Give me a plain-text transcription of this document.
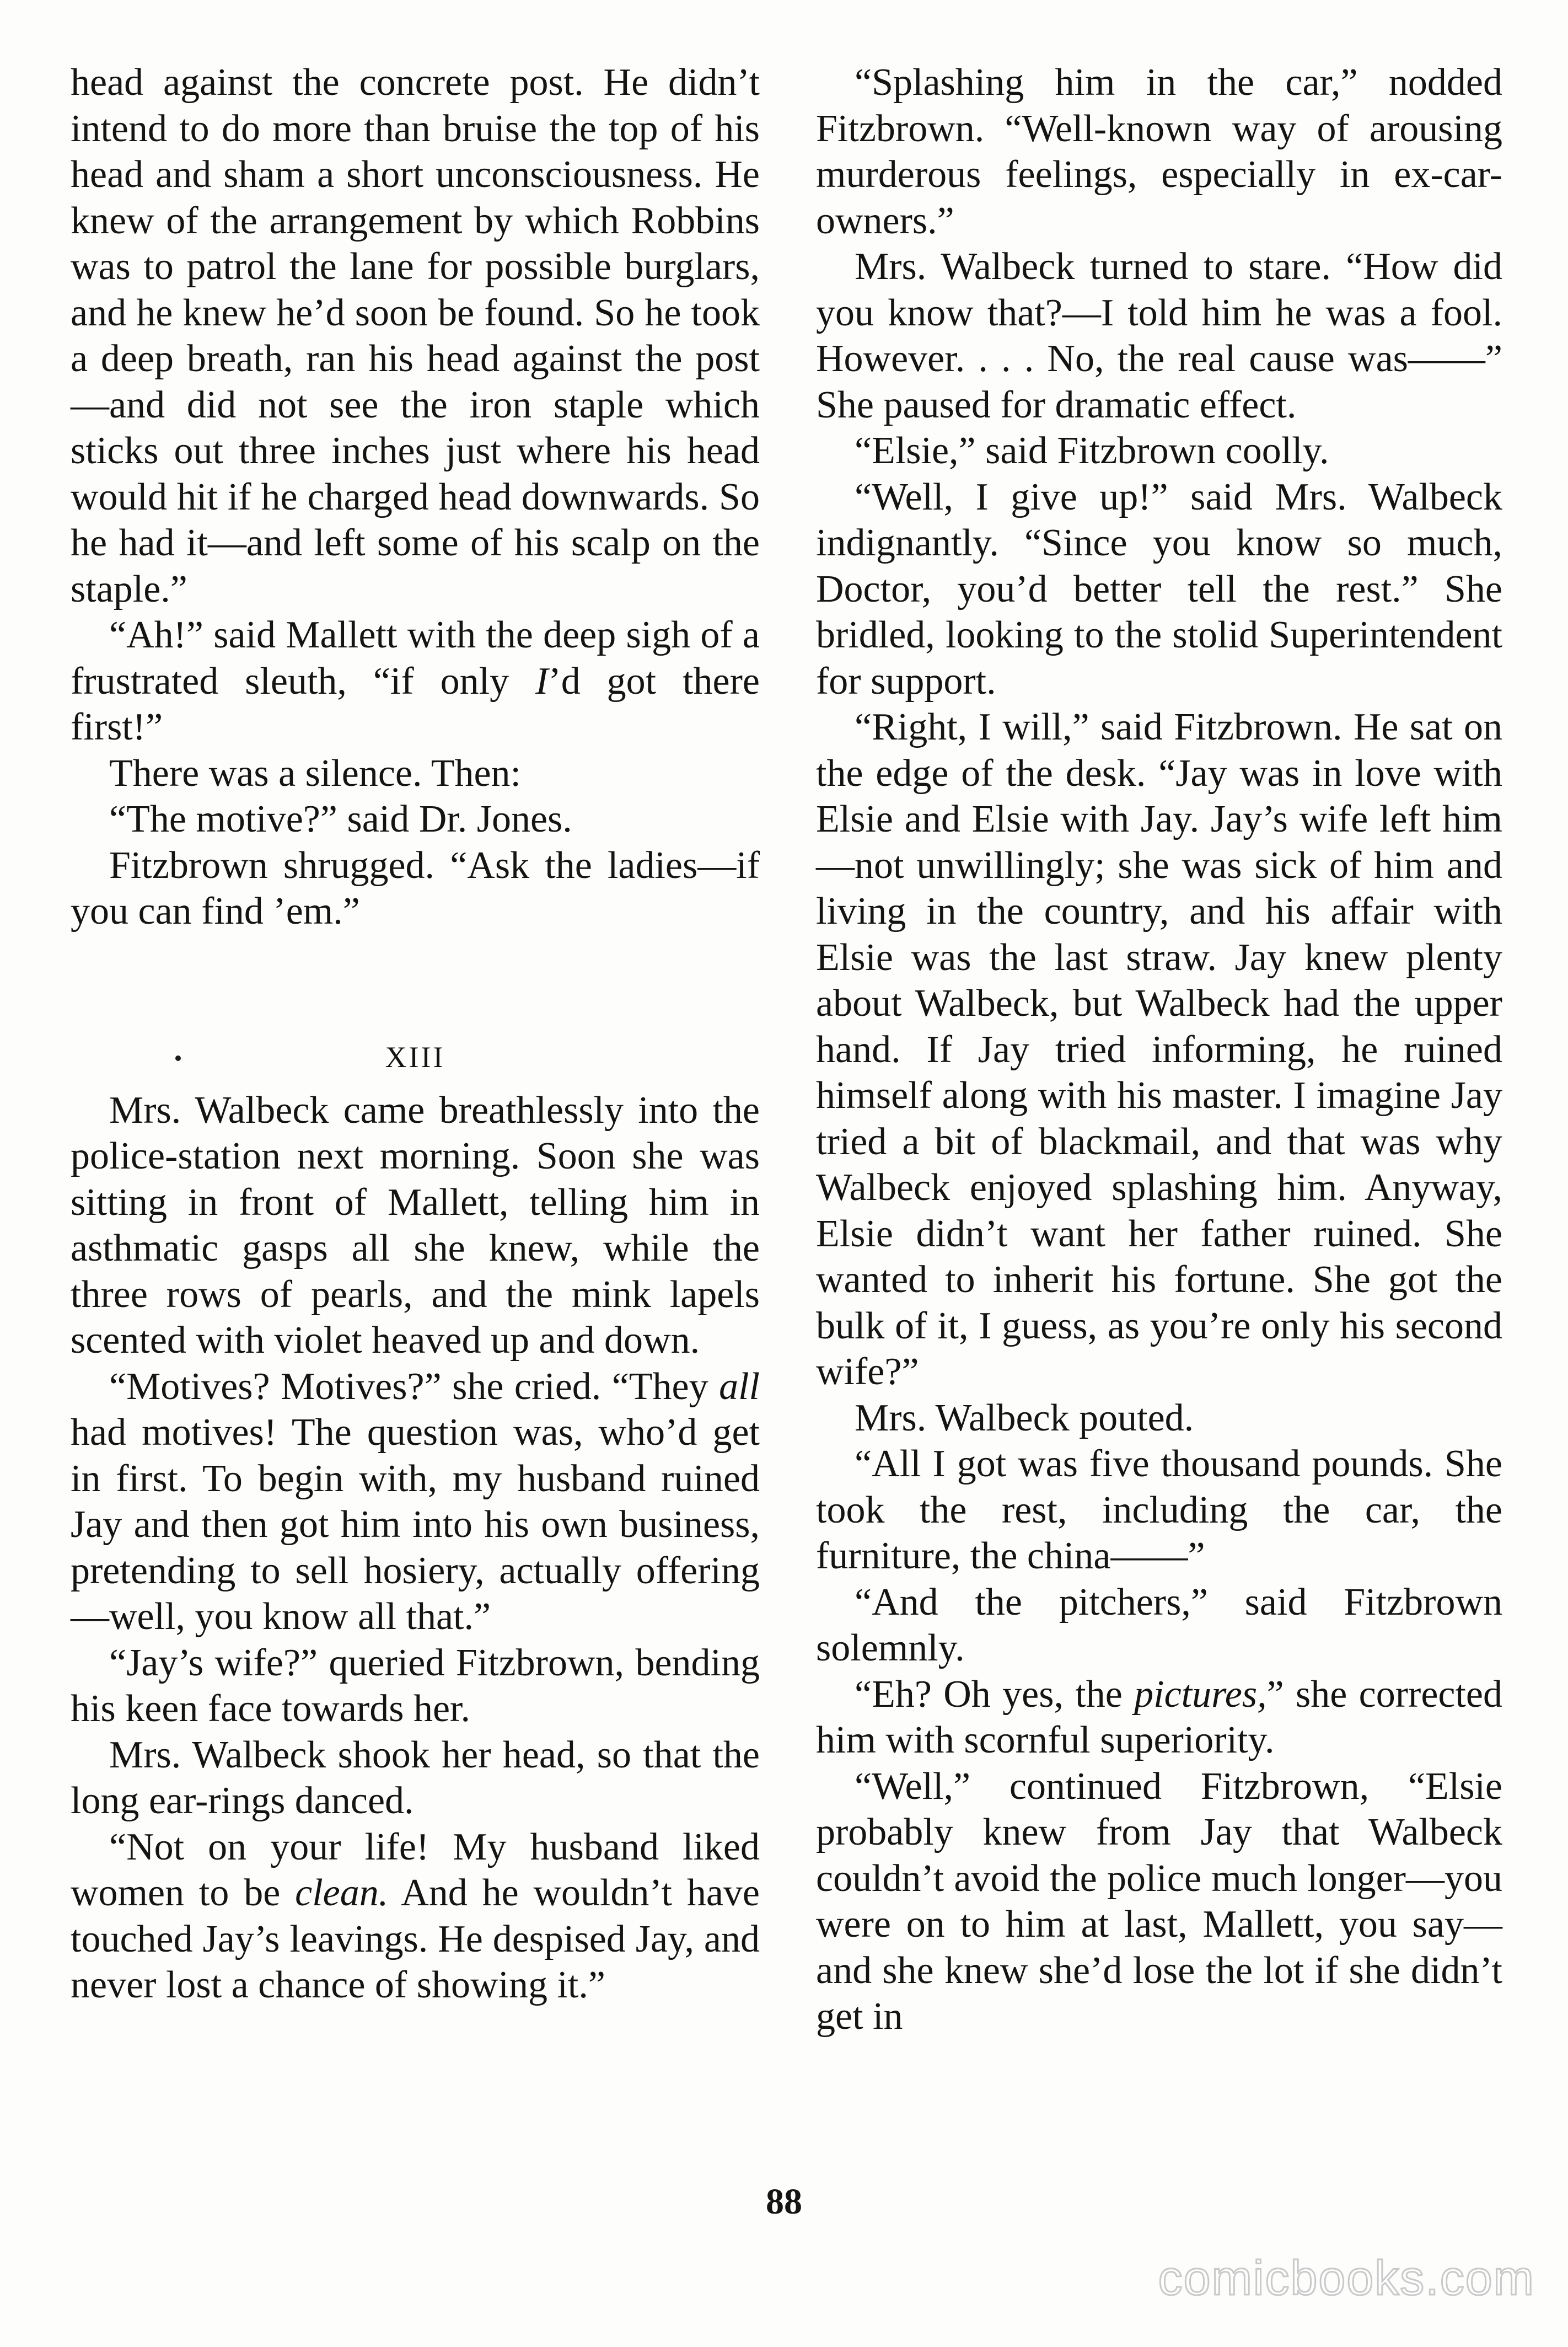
head against the concrete post. He didn’t intend to do more than bruise the top of his head and sham a short unconsciousness. He knew of the arrangement by which Robbins was to patrol the lane for possible burglars, and he knew he’d soon be found. So he took a deep breath, ran his head against the post—and did not see the iron staple which sticks out three inches just where his head would hit if he charged head downwards. So he had it—and left some of his scalp on the staple.”

“Ah!” said Mallett with the deep sigh of a frustrated sleuth, “if only I’d got there first!”

There was a silence. Then:

“The motive?” said Dr. Jones.

Fitzbrown shrugged. “Ask the ladies—if you can find ’em.”

XIII

Mrs. Walbeck came breathlessly into the police-station next morning. Soon she was sitting in front of Mallett, telling him in asthmatic gasps all she knew, while the three rows of pearls, and the mink lapels scented with violet heaved up and down.

“Motives? Motives?” she cried. “They all had motives! The question was, who’d get in first. To begin with, my husband ruined Jay and then got him into his own business, pretending to sell hosiery, actually offering—well, you know all that.”

“Jay’s wife?” queried Fitzbrown, bending his keen face towards her.

Mrs. Walbeck shook her head, so that the long ear-rings danced.

“Not on your life! My husband liked women to be clean. And he wouldn’t have touched Jay’s leavings. He despised Jay, and never lost a chance of showing it.”

“Splashing him in the car,” nodded Fitzbrown. “Well-known way of arousing murderous feelings, especially in ex-car-owners.”

Mrs. Walbeck turned to stare. “How did you know that?—I told him he was a fool. However. . . . No, the real cause was——” She paused for dramatic effect.

“Elsie,” said Fitzbrown coolly.

“Well, I give up!” said Mrs. Walbeck indignantly. “Since you know so much, Doctor, you’d better tell the rest.” She bridled, looking to the stolid Superintendent for support.

“Right, I will,” said Fitzbrown. He sat on the edge of the desk. “Jay was in love with Elsie and Elsie with Jay. Jay’s wife left him—not unwillingly; she was sick of him and living in the country, and his affair with Elsie was the last straw. Jay knew plenty about Walbeck, but Walbeck had the upper hand. If Jay tried informing, he ruined himself along with his master. I imagine Jay tried a bit of blackmail, and that was why Walbeck enjoyed splashing him. Anyway, Elsie didn’t want her father ruined. She wanted to inherit his fortune. She got the bulk of it, I guess, as you’re only his second wife?”

Mrs. Walbeck pouted.

“All I got was five thousand pounds. She took the rest, including the car, the furniture, the china——”

“And the pitchers,” said Fitzbrown solemnly.

“Eh? Oh yes, the pictures,” she corrected him with scornful superiority.

“Well,” continued Fitzbrown, “Elsie probably knew from Jay that Walbeck couldn’t avoid the police much longer—you were on to him at last, Mallett, you say—and she knew she’d lose the lot if she didn’t get in

88
comicbooks.com
